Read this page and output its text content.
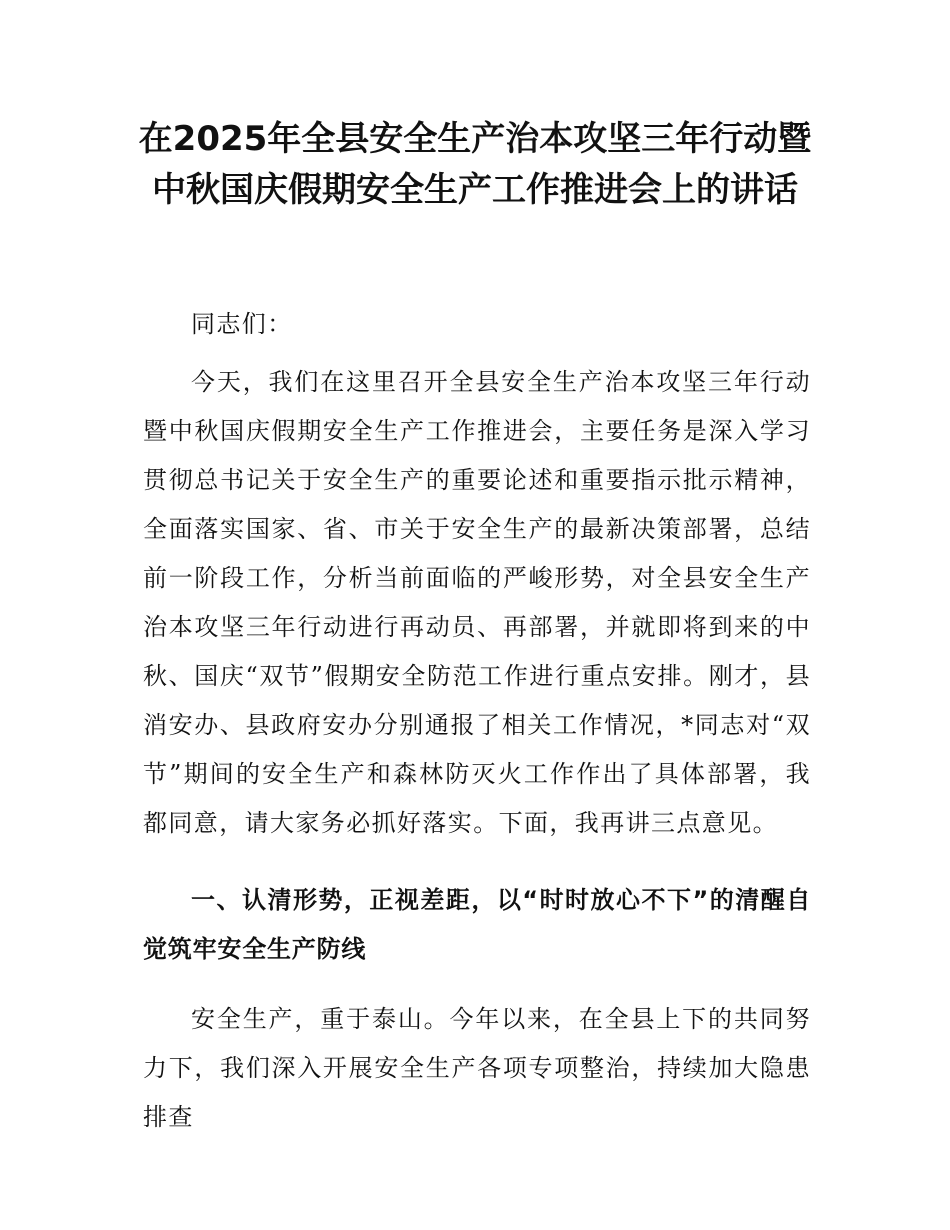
在2025年全县安全生产治本攻坚三年行动暨
中秋国庆假期安全生产工作推进会上的讲话
同志们：
今天，我们在这里召开全县安全生产治本攻坚三年行动暨中秋国庆假期安全生产工作推进会，主要任务是深入学习贯彻总书记关于安全生产的重要论述和重要指示批示精神，全面落实国家、省、市关于安全生产的最新决策部署，总结前一阶段工作，分析当前面临的严峻形势，对全县安全生产治本攻坚三年行动进行再动员、再部署，并就即将到来的中秋、国庆“双节”假期安全防范工作进行重点安排。刚才，县消安办、县政府安办分别通报了相关工作情况，*同志对“双节”期间的安全生产和森林防灭火工作作出了具体部署，我都同意，请大家务必抓好落实。下面，我再讲三点意见。
一、认清形势，正视差距，以“时时放心不下”的清醒自觉筑牢安全生产防线
安全生产，重于泰山。今年以来，在全县上下的共同努力下，我们深入开展安全生产各项专项整治，持续加大隐患排查
